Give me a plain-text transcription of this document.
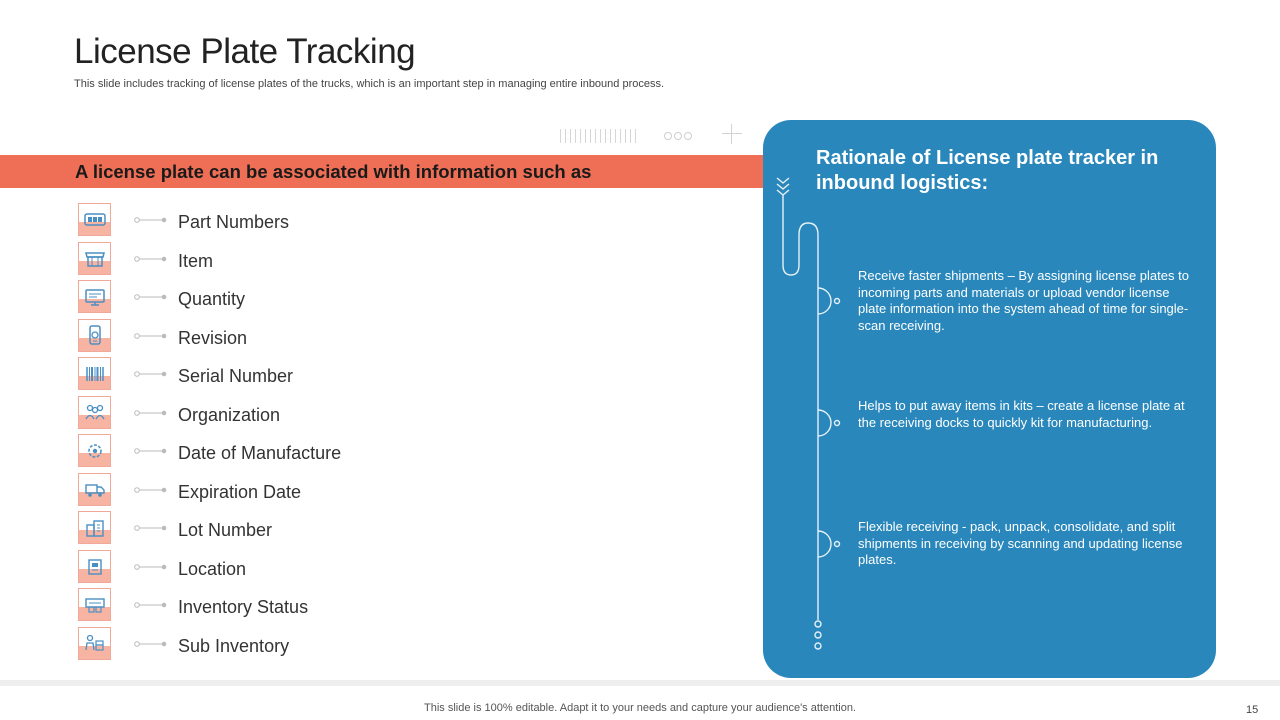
License Plate Tracking
This slide includes tracking of license plates of the trucks, which is an important step in managing entire inbound process.
A license plate can be associated with information such as
Part Numbers
Item
Quantity
Revision
Serial Number
Organization
Date of Manufacture
Expiration Date
Lot Number
Location
Inventory Status
Sub Inventory
Rationale of License plate tracker in inbound logistics:
Receive faster shipments – By assigning license plates to incoming parts and materials or upload vendor license plate information into the system ahead of time for single-scan receiving.
Helps to put away items in kits – create a license plate at the receiving docks to quickly kit for manufacturing.
Flexible receiving - pack, unpack, consolidate, and split shipments in receiving by scanning and updating license plates.
This slide is 100% editable. Adapt it to your needs and capture your audience's attention.	15
